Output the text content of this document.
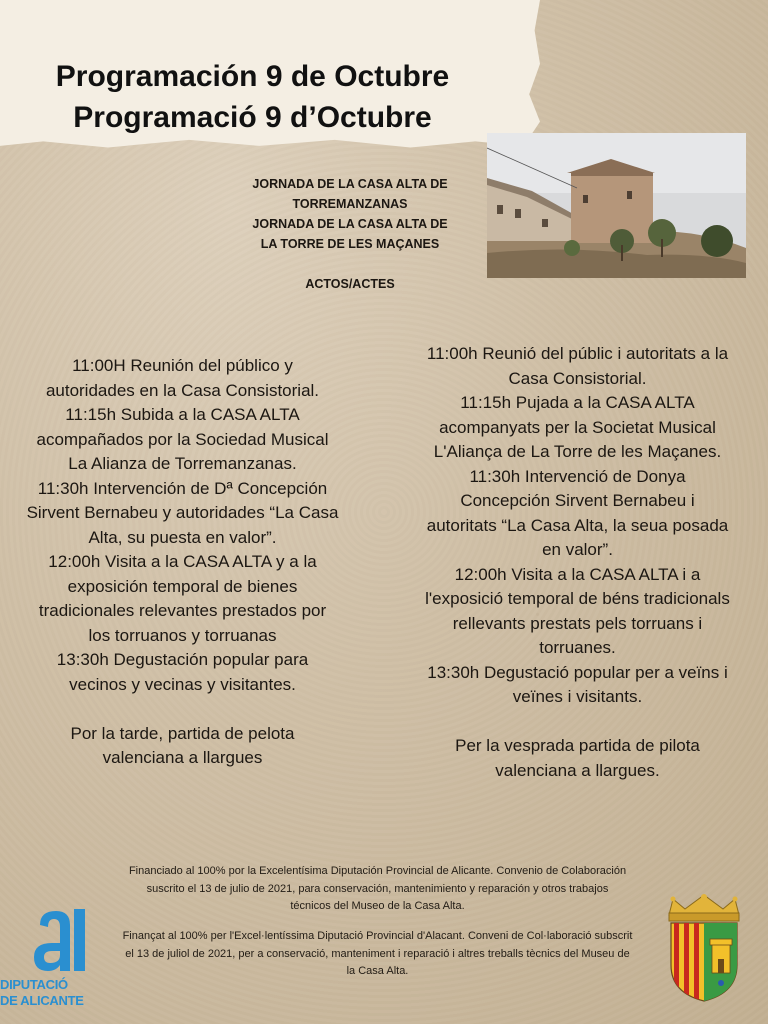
Programación 9 de Octubre
Programació 9 d’Octubre
JORNADA DE LA CASA ALTA DE
TORREMANZANAS
JORNADA DE LA CASA ALTA DE
LA TORRE DE LES MAÇANES
ACTOS/ACTES
11:00H Reunión del público y
autoridades en la Casa Consistorial.
11:15h Subida a la CASA ALTA
acompañados por la Sociedad Musical
La Alianza de Torremanzanas.
11:30h Intervención de Dª Concepción
Sirvent Bernabeu y autoridades “La Casa
Alta, su puesta en valor”.
12:00h Visita a la CASA ALTA y a la
exposición temporal de bienes
tradicionales relevantes prestados por
los torruanos y torruanas
13:30h Degustación popular para
vecinos y vecinas y visitantes.
Por la tarde, partida de pelota
valenciana a llargues
11:00h Reunió del públic i autoritats a la
Casa Consistorial.
11:15h Pujada a la CASA ALTA
acompanyats per la Societat Musical
L'Aliança de La Torre de les Maçanes.
11:30h Intervenció de Donya
Concepción Sirvent Bernabeu i
autoritats “La Casa Alta, la seua posada
en valor”.
12:00h Visita a la CASA ALTA i a
l'exposició temporal de béns tradicionals
rellevants prestats pels torruans i
torruanes.
13:30h Degustació popular per a veïns i
veïnes i visitants.
Per la vesprada partida de pilota
valenciana a llargues.
Financiado al 100% por la Excelentísima Diputación Provincial de Alicante. Convenio de Colaboración
suscrito el 13 de julio de 2021, para conservación, mantenimiento y reparación y otros trabajos
técnicos del Museo de la Casa Alta.
Finançat al 100% per l'Excel·lentíssima Diputació Provincial d'Alacant. Conveni de Col·laboració subscrit
el 13 de juliol de 2021, per a conservació, manteniment i reparació i altres treballs tècnics del Museu de
la Casa Alta.
DIPUTACIÓ
DE ALICANTE
